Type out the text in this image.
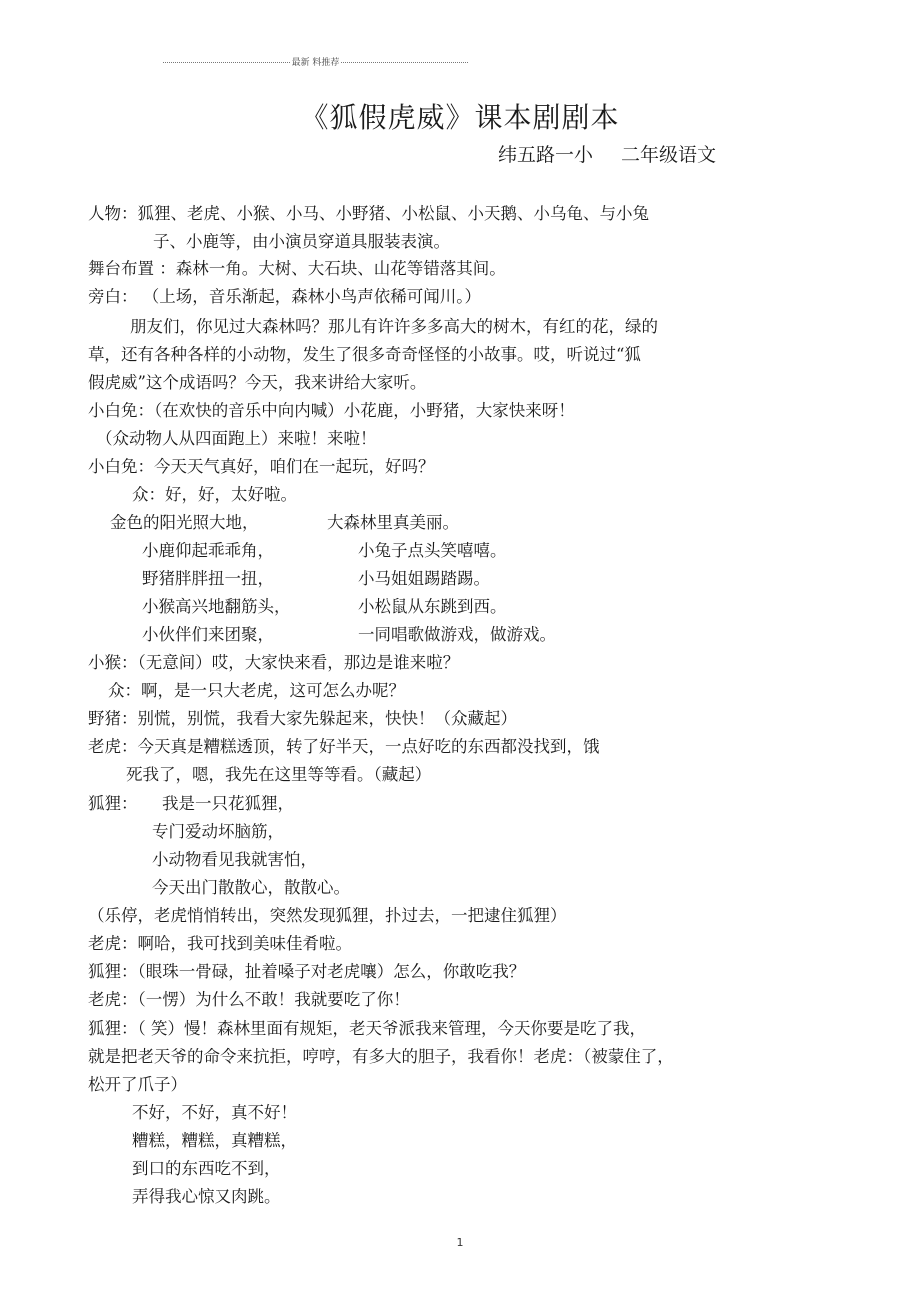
最新 料推荐
《狐假虎威》课本剧剧本
纬五路一小 二年级语文
人物：狐狸、老虎、小猴、小马、小野猪、小松鼠、小天鹅、小乌龟、与小兔
子、小鹿等，由小演员穿道具服装表演。
舞台布置 ：森林一角。大树、大石块、山花等错落其间。
旁白： （上场，音乐渐起，森林小鸟声依稀可闻川。）
朋友们，你见过大森林吗？那儿有许许多多高大的树木，有红的花，绿的
草，还有各种各样的小动物，发生了很多奇奇怪怪的小故事。哎，听说过“狐
假虎威”这个成语吗？今天，我来讲给大家听。
小白免：（在欢快的音乐中向内喊）小花鹿，小野猪，大家快来呀！
（众动物人从四面跑上）来啦！来啦！
小白免：今天天气真好，咱们在一起玩，好吗？
众：好，好，太好啦。
金色的阳光照大地，	大森林里真美丽。
小鹿仰起乖乖角，	小兔子点头笑嘻嘻。
野猪胖胖扭一扭，	小马姐姐踢踏踢。
小猴高兴地翻筋头，	小松鼠从东跳到西。
小伙伴们来团聚，	一同唱歌做游戏，做游戏。
小猴：（无意间）哎，大家快来看，那边是谁来啦？
众：啊，是一只大老虎，这可怎么办呢？
野猪：别慌，别慌，我看大家先躲起来，快快！（众藏起）
老虎：今天真是糟糕透顶，转了好半天，一点好吃的东西都没找到，饿
死我了，嗯，我先在这里等等看。（藏起）
狐狸： 我是一只花狐狸，
专门爱动坏脑筋，
小动物看见我就害怕，
今天出门散散心，散散心。
（乐停，老虎悄悄转出，突然发现狐狸，扑过去，一把逮住狐狸）
老虎：啊哈，我可找到美味佳肴啦。
狐狸：（眼珠一骨碌，扯着嗓子对老虎嚷）怎么，你敢吃我？
老虎：（一愣）为什么不敢！我就要吃了你！
狐狸：（ 笑）慢！森林里面有规矩，老天爷派我来管理，今天你要是吃了我，
就是把老天爷的命令来抗拒，哼哼，有多大的胆子，我看你！老虎：（被蒙住了，
松开了爪子）
不好，不好，真不好！
糟糕，糟糕，真糟糕，
到口的东西吃不到，
弄得我心惊又肉跳。
1
